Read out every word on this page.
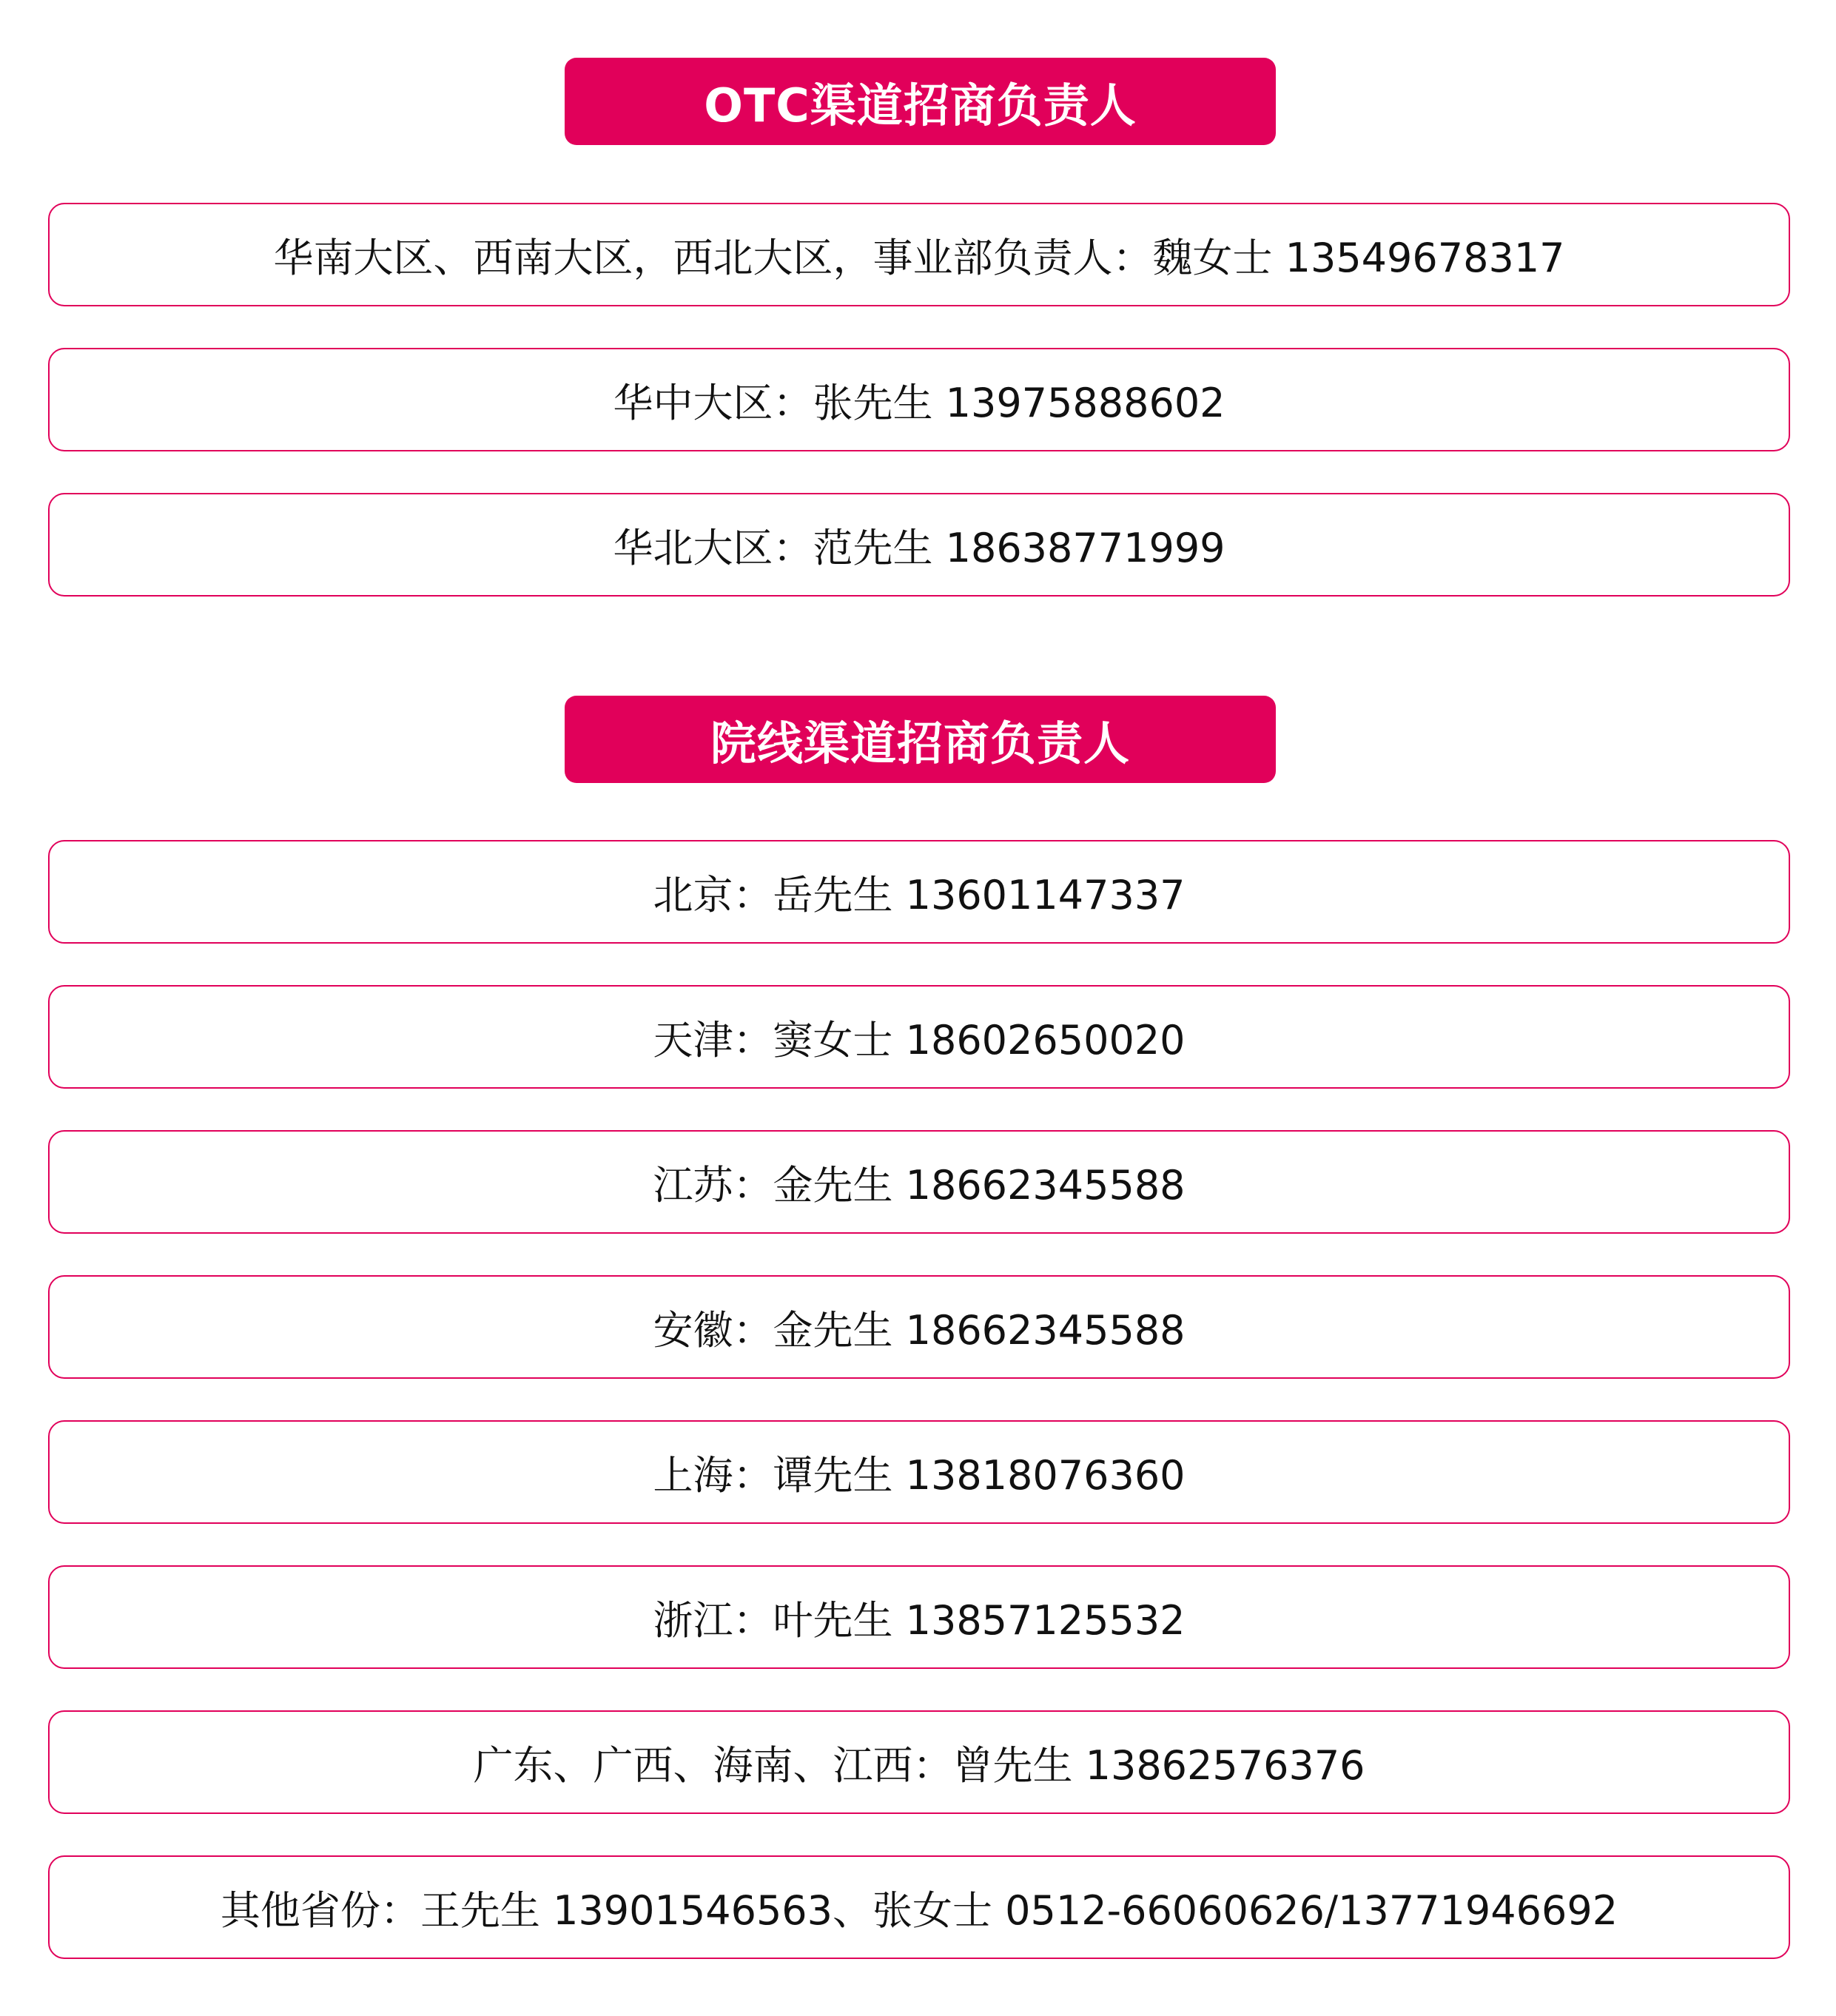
OTC渠道招商负责人
华南大区、西南大区，西北大区，事业部负责人：魏女士 13549678317
华中大区：张先生 13975888602
华北大区：范先生 18638771999
院线渠道招商负责人
北京：岳先生 13601147337
天津：窦女士 18602650020
江苏：金先生 18662345588
安徽：金先生 18662345588
上海：谭先生 13818076360
浙江：叶先生 13857125532
广东、广西、海南、江西：曾先生 13862576376
其他省份：王先生 13901546563、张女士 0512-66060626/13771946692
